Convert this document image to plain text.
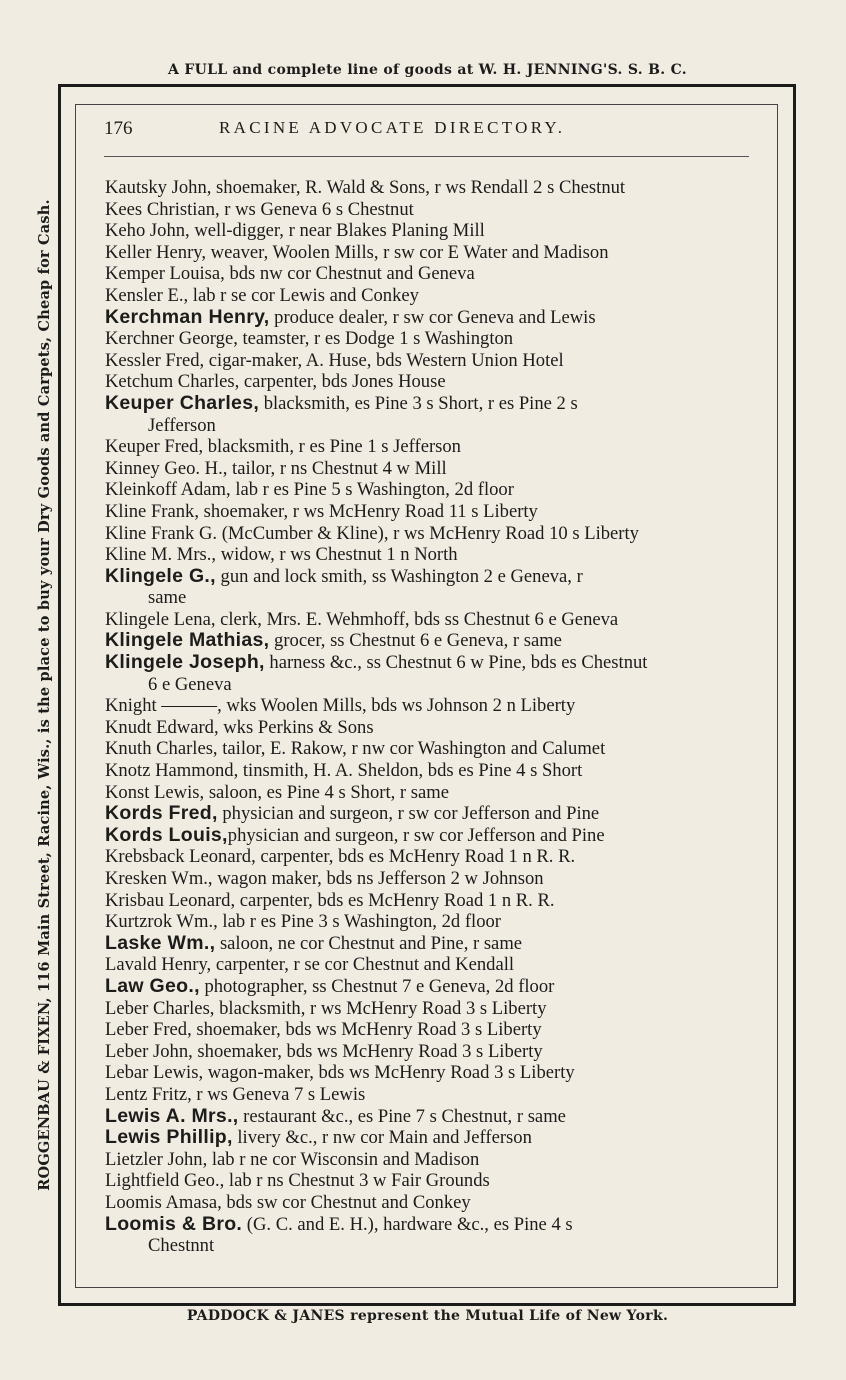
A FULL and complete line of goods at W. H. JENNING'S. S. B. C.
ROGGENBAU & FIXEN, 116 Main Street, Racine, Wis., is the place to buy your Dry Goods and Carpets, Cheap for Cash.
176	RACINE ADVOCATE DIRECTORY.
Kautsky John, shoemaker, R. Wald & Sons, r ws Rendall 2 s Chestnut
Kees Christian, r ws Geneva 6 s Chestnut
Keho John, well-digger, r near Blakes Planing Mill
Keller Henry, weaver, Woolen Mills, r sw cor E Water and Madison
Kemper Louisa, bds nw cor Chestnut and Geneva
Kensler E., lab r se cor Lewis and Conkey
Kerchman Henry, produce dealer, r sw cor Geneva and Lewis
Kerchner George, teamster, r es Dodge 1 s Washington
Kessler Fred, cigar-maker, A. Huse, bds Western Union Hotel
Ketchum Charles, carpenter, bds Jones House
Keuper Charles, blacksmith, es Pine 3 s Short, r es Pine 2 s
Jefferson
Keuper Fred, blacksmith, r es Pine 1 s Jefferson
Kinney Geo. H., tailor, r ns Chestnut 4 w Mill
Kleinkoff Adam, lab r es Pine 5 s Washington, 2d floor
Kline Frank, shoemaker, r ws McHenry Road 11 s Liberty
Kline Frank G. (McCumber & Kline), r ws McHenry Road 10 s Liberty
Kline M. Mrs., widow, r ws Chestnut 1 n North
Klingele G., gun and lock smith, ss Washington 2 e Geneva, r
same
Klingele Lena, clerk, Mrs. E. Wehmhoff, bds ss Chestnut 6 e Geneva
Klingele Mathias, grocer, ss Chestnut 6 e Geneva, r same
Klingele Joseph, harness &c., ss Chestnut 6 w Pine, bds es Chestnut
6 e Geneva
Knight ———, wks Woolen Mills, bds ws Johnson 2 n Liberty
Knudt Edward, wks Perkins & Sons
Knuth Charles, tailor, E. Rakow, r nw cor Washington and Calumet
Knotz Hammond, tinsmith, H. A. Sheldon, bds es Pine 4 s Short
Konst Lewis, saloon, es Pine 4 s Short, r same
Kords Fred, physician and surgeon, r sw cor Jefferson and Pine
Kords Louis,physician and surgeon, r sw cor Jefferson and Pine
Krebsback Leonard, carpenter, bds es McHenry Road 1 n R. R.
Kresken Wm., wagon maker, bds ns Jefferson 2 w Johnson
Krisbau Leonard, carpenter, bds es McHenry Road 1 n R. R.
Kurtzrok Wm., lab r es Pine 3 s Washington, 2d floor
Laske Wm., saloon, ne cor Chestnut and Pine, r same
Lavald Henry, carpenter, r se cor Chestnut and Kendall
Law Geo., photographer, ss Chestnut 7 e Geneva, 2d floor
Leber Charles, blacksmith, r ws McHenry Road 3 s Liberty
Leber Fred, shoemaker, bds ws McHenry Road 3 s Liberty
Leber John, shoemaker, bds ws McHenry Road 3 s Liberty
Lebar Lewis, wagon-maker, bds ws McHenry Road 3 s Liberty
Lentz Fritz, r ws Geneva 7 s Lewis
Lewis A. Mrs., restaurant &c., es Pine 7 s Chestnut, r same
Lewis Phillip, livery &c., r nw cor Main and Jefferson
Lietzler John, lab r ne cor Wisconsin and Madison
Lightfield Geo., lab r ns Chestnut 3 w Fair Grounds
Loomis Amasa, bds sw cor Chestnut and Conkey
Loomis & Bro. (G. C. and E. H.), hardware &c., es Pine 4 s
Chestnnt
PADDOCK & JANES represent the Mutual Life of New York.
